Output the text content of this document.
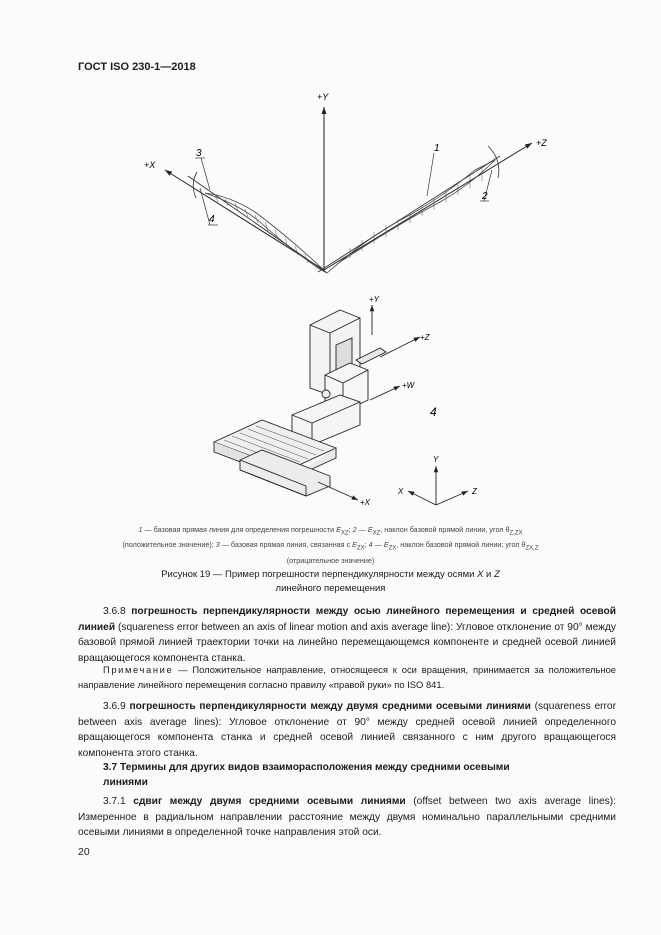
ГОСТ ISO 230-1—2018
+Y
+X
+Z
1
2
3
4
+Y
+Z
+W
+X
4
Y
X	Z
1 — базовая прямая линия для определения погрешности $E_{XZ}$; 2 — $E_{XZ}$, наклон базовой прямой линии, угол $\theta_{Z,ZX}$
(положительное значение); 3 — базовая прямая линия, связанная с $E_{ZX}$; 4 — $E_{ZX}$, наклон базовой прямой линии; угол $\theta_{ZX,Z}$
(отрицательное значение)
Рисунок 19 — Пример погрешности перпендикулярности между осями X и Z
линейного перемещения
3.6.8 погрешность перпендикулярности между осью линейного перемещения и средней осевой линией (squareness error between an axis of linear motion and axis average line): Угловое отклонение от 90° между базовой прямой линией траектории точки на линейно перемещающемся компоненте и средней осевой линией вращающегося компонента станка.
Примечание — Положительное направление, относящееся к оси вращения, принимается за положительное направление линейного перемещения согласно правилу «правой руки» по ISO 841.
3.6.9 погрешность перпендикулярности между двумя средними осевыми линиями (squareness error between axis average lines): Угловое отклонение от 90° между средней осевой линией определенного вращающегося компонента станка и средней осевой линией связанного с ним другого вращающегося компонента этого станка.
3.7 Термины для других видов взаиморасположения между средними осевыми линиями
3.7.1 сдвиг между двумя средними осевыми линиями (offset between two axis average lines): Измеренное в радиальном направлении расстояние между двумя номинально параллельными средними осевыми линиями в определенной точке направления этой оси.
20
